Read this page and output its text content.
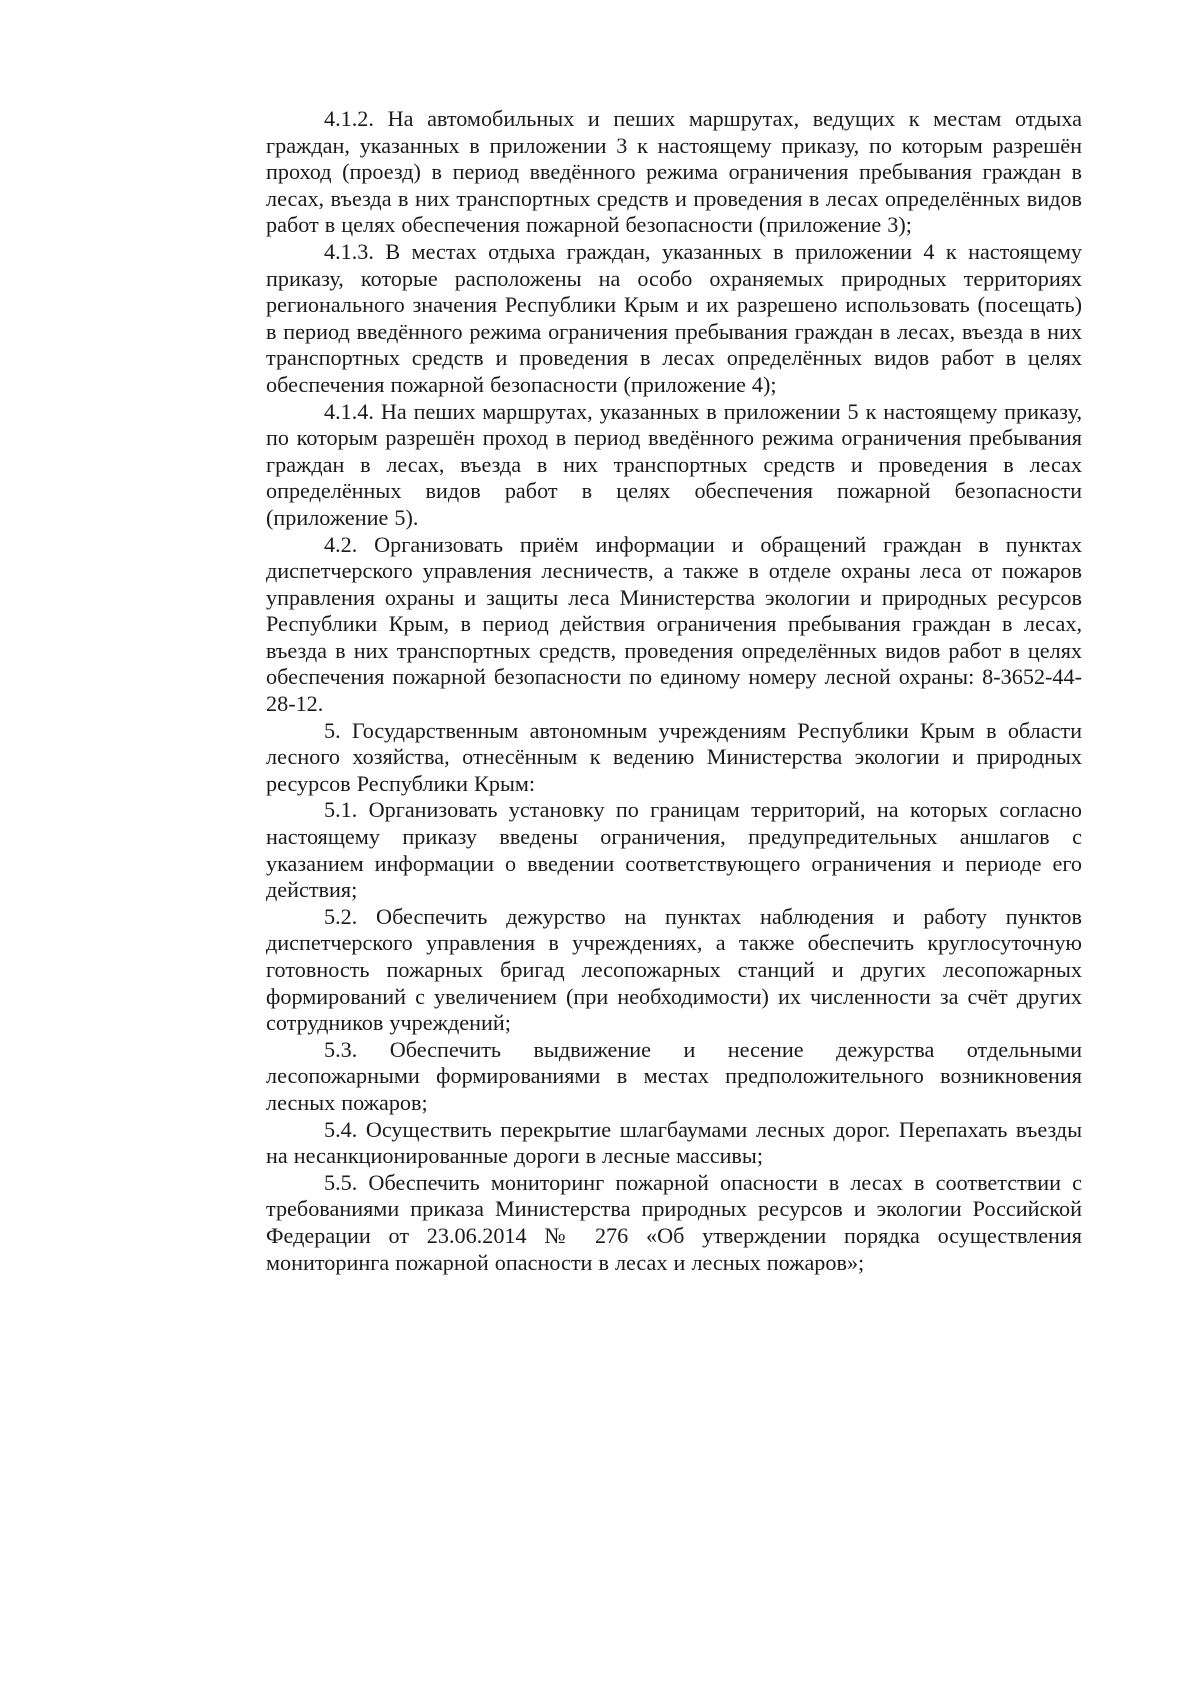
4.1.2. На автомобильных и пеших маршрутах, ведущих к местам отдыха граждан, указанных в приложении 3 к настоящему приказу, по которым разрешён проход (проезд) в период введённого режима ограничения пребывания граждан в лесах, въезда в них транспортных средств и проведения в лесах определённых видов работ в целях обеспечения пожарной безопасности (приложение 3);

4.1.3. В местах отдыха граждан, указанных в приложении 4 к настоящему приказу, которые расположены на особо охраняемых природных территориях регионального значения Республики Крым и их разрешено использовать (посещать) в период введённого режима ограничения пребывания граждан в лесах, въезда в них транспортных средств и проведения в лесах определённых видов работ в целях обеспечения пожарной безопасности (приложение 4);

4.1.4. На пеших маршрутах, указанных в приложении 5 к настоящему приказу, по которым разрешён проход в период введённого режима ограничения пребывания граждан в лесах, въезда в них транспортных средств и проведения в лесах определённых видов работ в целях обеспечения пожарной безопасности (приложение 5).

4.2. Организовать приём информации и обращений граждан в пунктах диспетчерского управления лесничеств, а также в отделе охраны леса от пожаров управления охраны и защиты леса Министерства экологии и природных ресурсов Республики Крым, в период действия ограничения пребывания граждан в лесах, въезда в них транспортных средств, проведения определённых видов работ в целях обеспечения пожарной безопасности по единому номеру лесной охраны: 8-3652-44-28-12.

5. Государственным автономным учреждениям Республики Крым в области лесного хозяйства, отнесённым к ведению Министерства экологии и природных ресурсов Республики Крым:

5.1. Организовать установку по границам территорий, на которых согласно настоящему приказу введены ограничения, предупредительных аншлагов с указанием информации о введении соответствующего ограничения и периоде его действия;

5.2. Обеспечить дежурство на пунктах наблюдения и работу пунктов диспетчерского управления в учреждениях, а также обеспечить круглосуточную готовность пожарных бригад лесопожарных станций и других лесопожарных формирований с увеличением (при необходимости) их численности за счёт других сотрудников учреждений;

5.3. Обеспечить выдвижение и несение дежурства отдельными лесопожарными формированиями в местах предположительного возникновения лесных пожаров;

5.4. Осуществить перекрытие шлагбаумами лесных дорог. Перепахать въезды на несанкционированные дороги в лесные массивы;

5.5. Обеспечить мониторинг пожарной опасности в лесах в соответствии с требованиями приказа Министерства природных ресурсов и экологии Российской Федерации от 23.06.2014 № 276 «Об утверждении порядка осуществления мониторинга пожарной опасности в лесах и лесных пожаров»;
